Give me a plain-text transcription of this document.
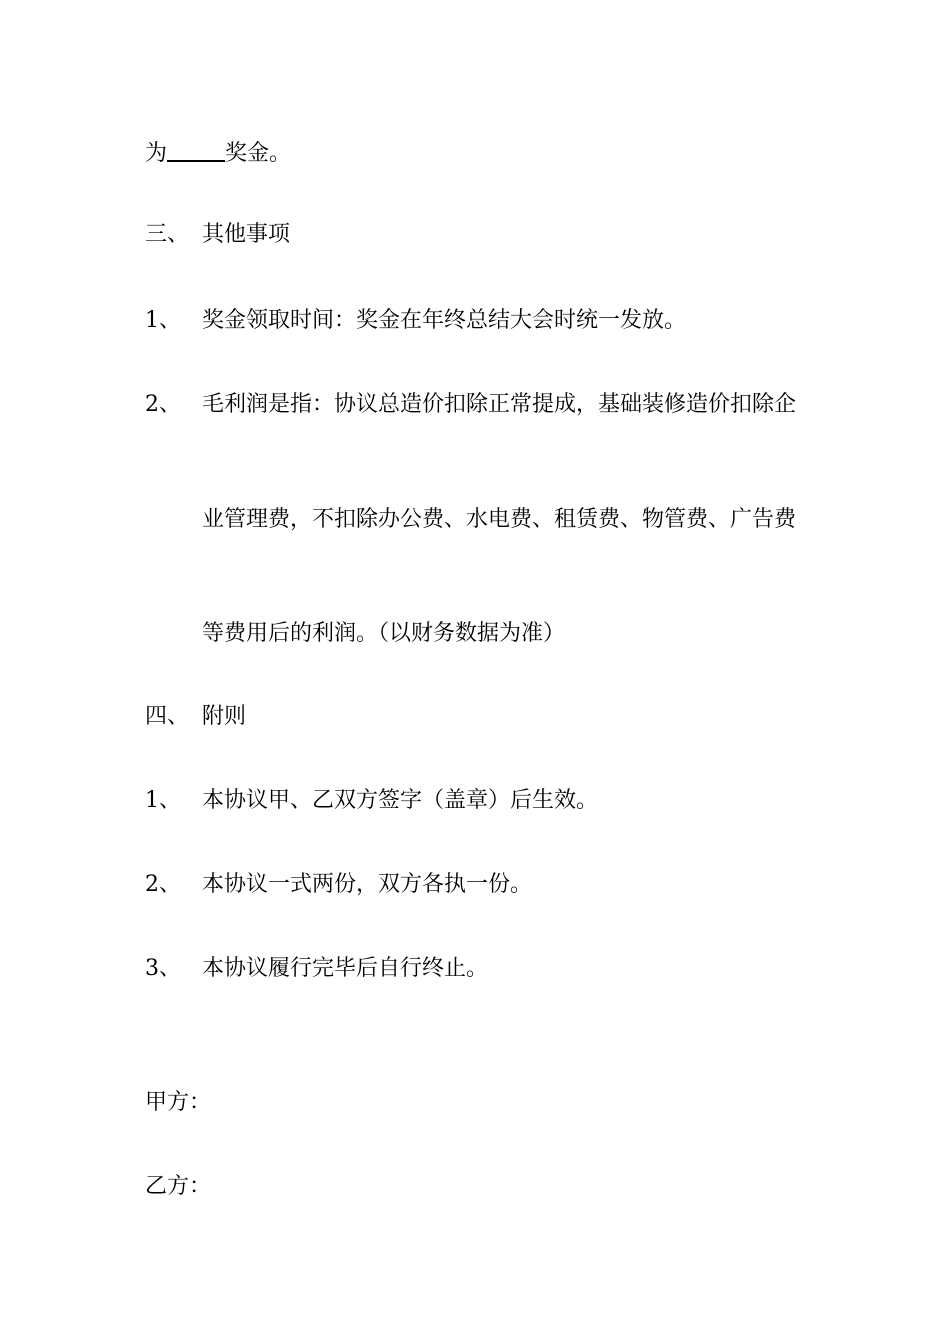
为	奖金。
三、 其他事项
1、 奖金领取时间：奖金在年终总结大会时统一发放。
2、 毛利润是指：协议总造价扣除正常提成，基础装修造价扣除企
业管理费，不扣除办公费、水电费、租赁费、物管费、广告费
等费用后的利润。（以财务数据为准）
四、 附则
1、 本协议甲、乙双方签字（盖章）后生效。
2、 本协议一式两份，双方各执一份。
3、 本协议履行完毕后自行终止。
甲方：
乙方：
